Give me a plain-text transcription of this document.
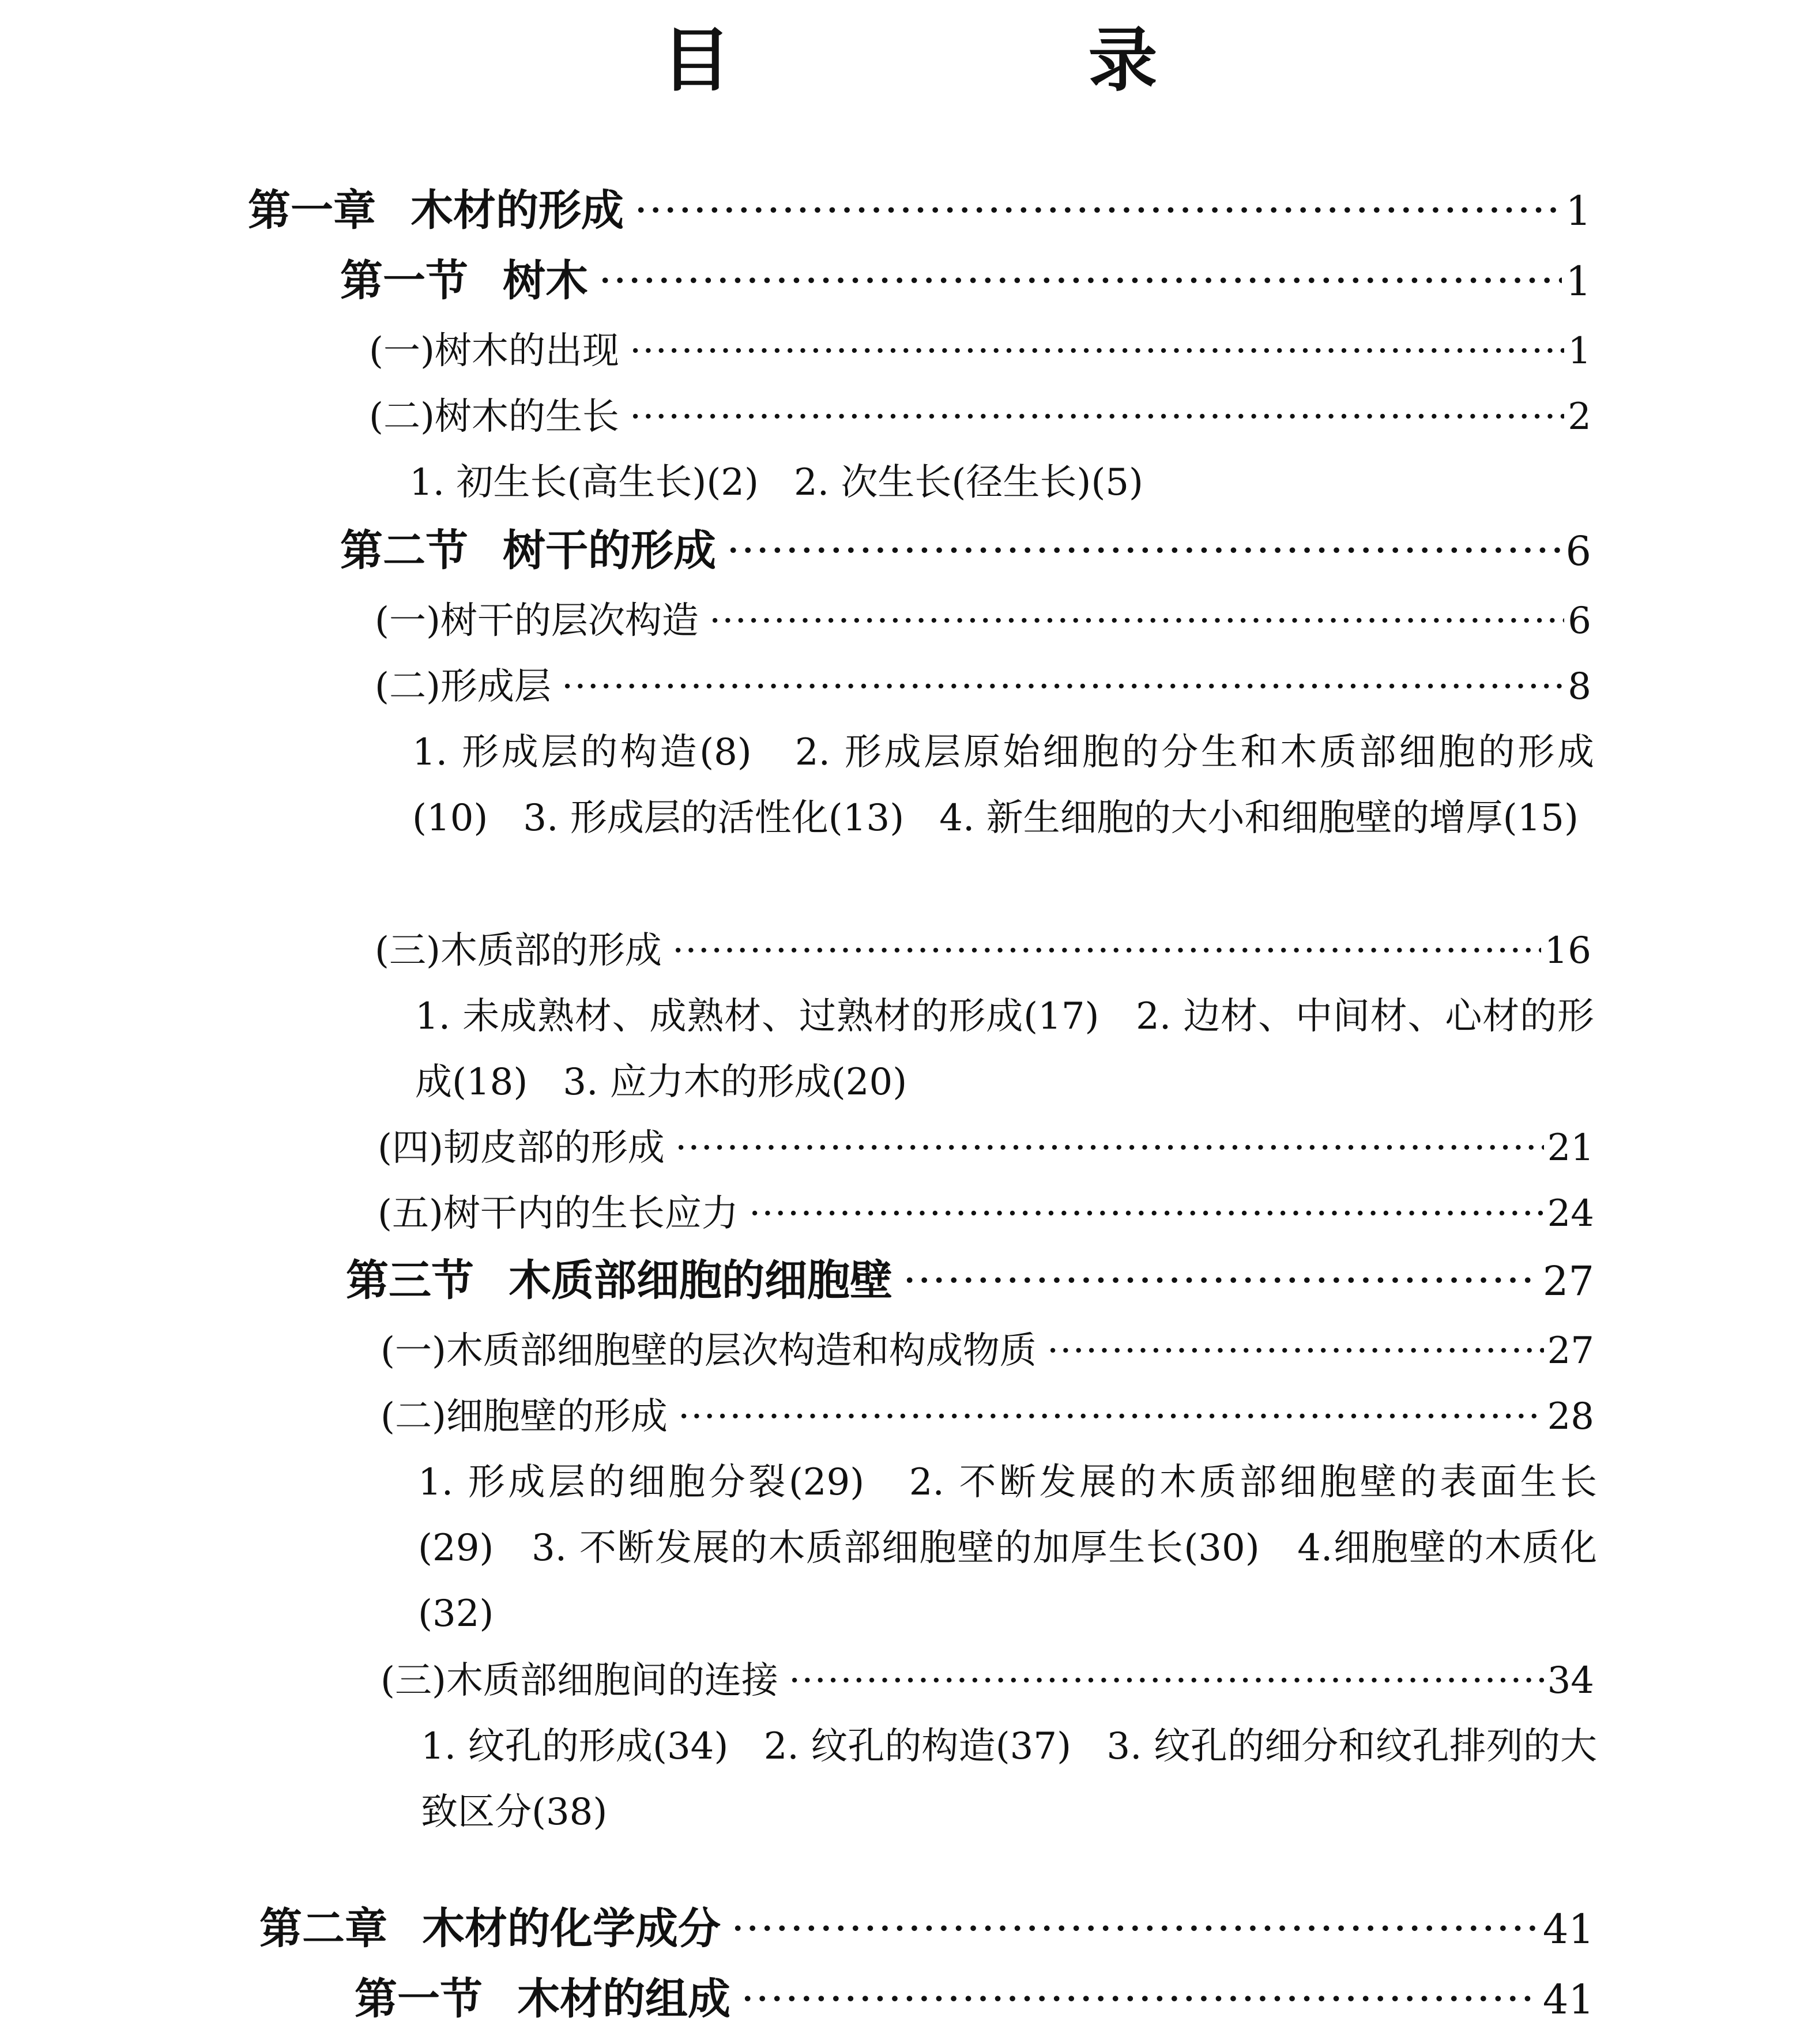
目　录
第一章 木材的形成 ·····	1
第一节 树木 ·····	1
(一)树木的出现 ·····	1
(二)树木的生长 ·····	2
1. 初生长(高生长)(2) 2. 次生长(径生长)(5)
第二节 树干的形成 ·····	6
(一)树干的层次构造 ·····	6
(二)形成层 ·····	8
1. 形成层的构造(8) 2. 形成层原始细胞的分生和木质部细胞的形成(10) 3. 形成层的活性化(13) 4. 新生细胞的大小和细胞壁的增厚(15)
(三)木质部的形成 ·····	16
1. 未成熟材、成熟材、过熟材的形成(17) 2. 边材、中间材、心材的形成(18) 3. 应力木的形成(20)
(四)韧皮部的形成 ·····	21
(五)树干内的生长应力 ·····	24
第三节 木质部细胞的细胞壁 ·····	27
(一)木质部细胞壁的层次构造和构成物质 ·····	27
(二)细胞壁的形成 ·····	28
1. 形成层的细胞分裂(29) 2. 不断发展的木质部细胞壁的表面生长(29) 3. 不断发展的木质部细胞壁的加厚生长(30) 4.细胞壁的木质化(32)
(三)木质部细胞间的连接 ·····	34
1. 纹孔的形成(34) 2. 纹孔的构造(37) 3. 纹孔的细分和纹孔排列的大致区分(38)
第二章 木材的化学成分 ·····	41
第一节 木材的组成 ·····	41
